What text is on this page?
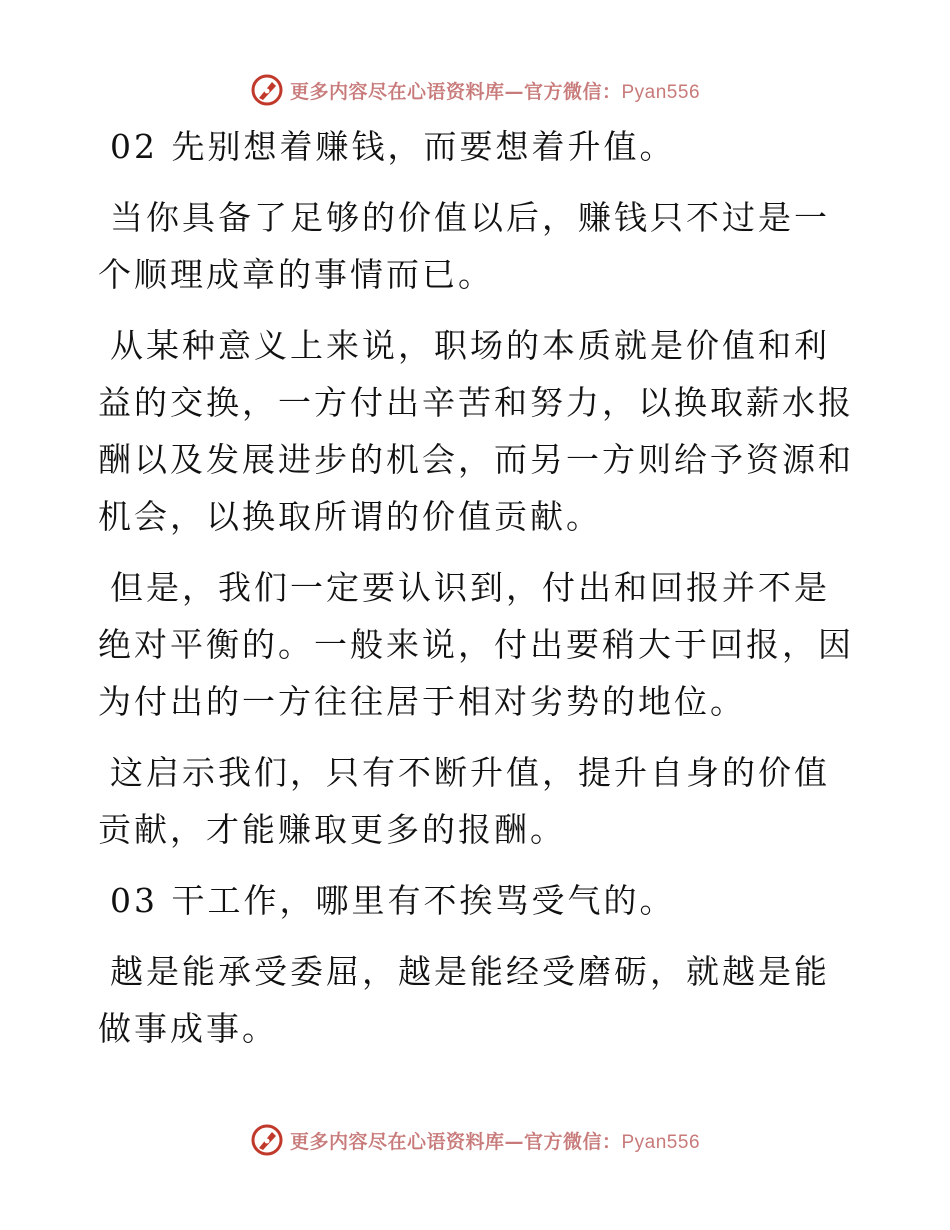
更多内容尽在心语资料库—官方微信：Pyan556

02 先别想着赚钱，而要想着升值。

当你具备了足够的价值以后，赚钱只不过是一个顺理成章的事情而已。

从某种意义上来说，职场的本质就是价值和利益的交换，一方付出辛苦和努力，以换取薪水报酬以及发展进步的机会，而另一方则给予资源和机会，以换取所谓的价值贡献。

但是，我们一定要认识到，付出和回报并不是绝对平衡的。一般来说，付出要稍大于回报，因为付出的一方往往居于相对劣势的地位。

这启示我们，只有不断升值，提升自身的价值贡献，才能赚取更多的报酬。

03 干工作，哪里有不挨骂受气的。

越是能承受委屈，越是能经受磨砺，就越是能做事成事。

更多内容尽在心语资料库—官方微信：Pyan556
